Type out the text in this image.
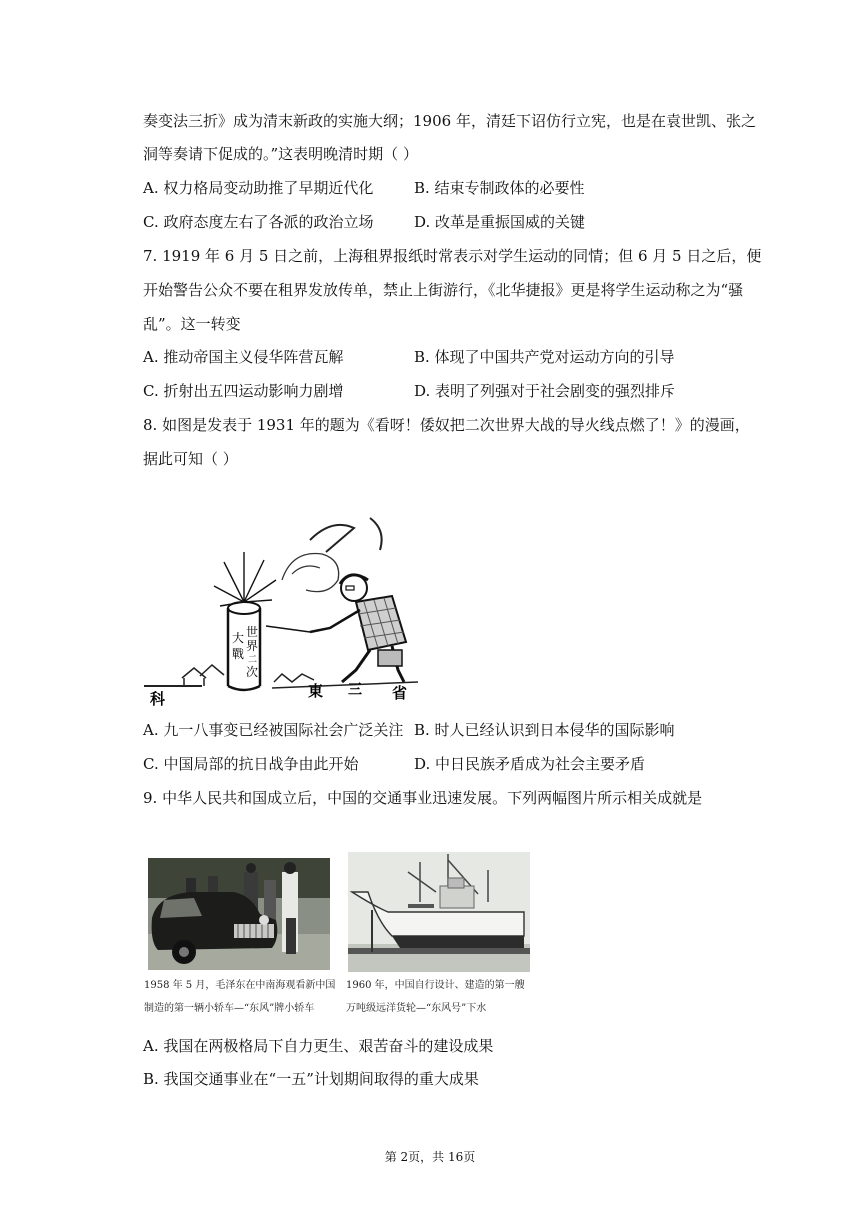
奏变法三折》成为清末新政的实施大纲；1906 年，清廷下诏仿行立宪，也是在袁世凯、张之
洞等奏请下促成的。”这表明晚清时期（ ）
A. 权力格局变动助推了早期近代化	B. 结束专制政体的必要性
C. 政府态度左右了各派的政治立场	D. 改革是重振国威的关键
7. 1919 年 6 月 5 日之前，上海租界报纸时常表示对学生运动的同情；但 6 月 5 日之后，便
开始警告公众不要在租界发放传单，禁止上街游行，《北华捷报》更是将学生运动称之为“骚
乱”。这一转变
A. 推动帝国主义侵华阵营瓦解	B. 体现了中国共产党对运动方向的引导
C. 折射出五四运动影响力剧增	D. 表明了列强对于社会剧变的强烈排斥
8. 如图是发表于 1931 年的题为《看呀！倭奴把二次世界大战的导火线点燃了！》的漫画，
据此可知（ ）
世
界
二
次
大
戰
科	東 三 省
A. 九一八事变已经被国际社会广泛关注 B. 时人已经认识到日本侵华的国际影响
C. 中国局部的抗日战争由此开始	D. 中日民族矛盾成为社会主要矛盾
9. 中华人民共和国成立后，中国的交通事业迅速发展。下列两幅图片所示相关成就是
1958 年 5 月，毛泽东在中南海观看新中国
制造的第一辆小轿车—“东风”牌小轿车
1960 年，中国自行设计、建造的第一艘
万吨级远洋货轮—“东风号”下水
A. 我国在两极格局下自力更生、艰苦奋斗的建设成果
B. 我国交通事业在“一五”计划期间取得的重大成果
第 2页，共 16页
